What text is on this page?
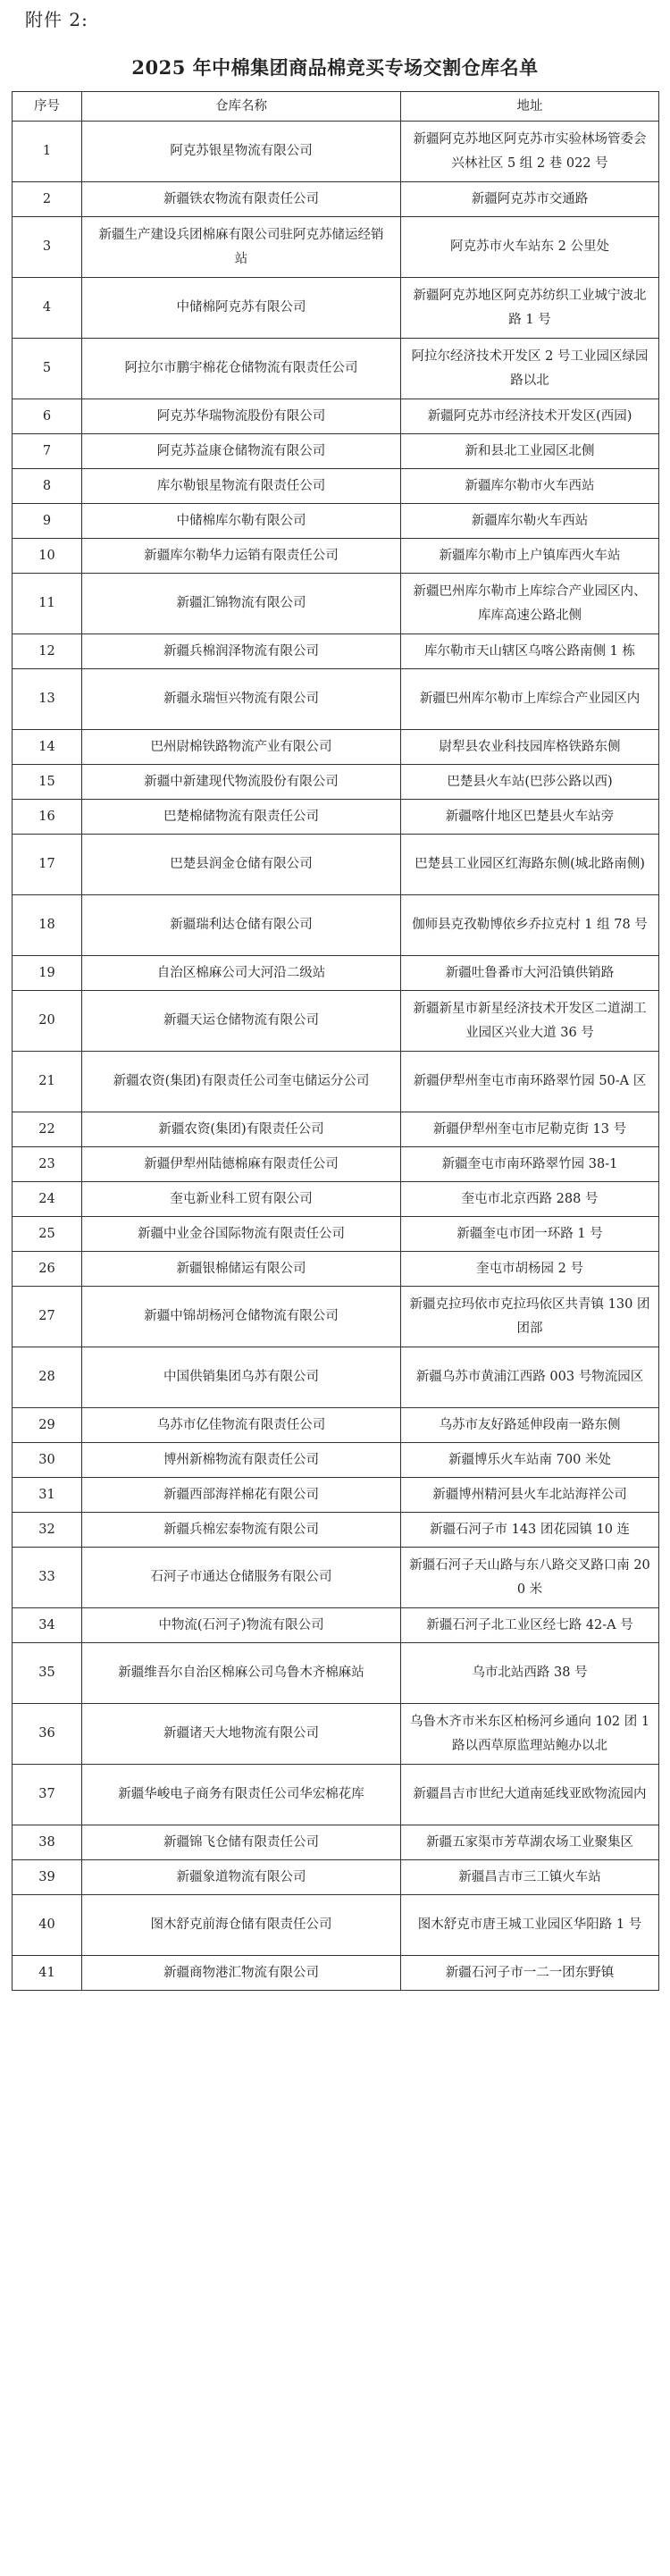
附件 2:
2025 年中棉集团商品棉竞买专场交割仓库名单
序号	仓库名称	地址
1	阿克苏银星物流有限公司	新疆阿克苏地区阿克苏市实验林场管委会兴林社区 5 组 2 巷 022 号
2	新疆铁农物流有限责任公司	新疆阿克苏市交通路
3	新疆生产建设兵团棉麻有限公司驻阿克苏储运经销站	阿克苏市火车站东 2 公里处
4	中储棉阿克苏有限公司	新疆阿克苏地区阿克苏纺织工业城宁波北路 1 号
5	阿拉尔市鹏宇棉花仓储物流有限责任公司	阿拉尔经济技术开发区 2 号工业园区绿园路以北
6	阿克苏华瑞物流股份有限公司	新疆阿克苏市经济技术开发区(西园)
7	阿克苏益康仓储物流有限公司	新和县北工业园区北侧
8	库尔勒银星物流有限责任公司	新疆库尔勒市火车西站
9	中储棉库尔勒有限公司	新疆库尔勒火车西站
10	新疆库尔勒华力运销有限责任公司	新疆库尔勒市上户镇库西火车站
11	新疆汇锦物流有限公司	新疆巴州库尔勒市上库综合产业园区内、库库高速公路北侧
12	新疆兵棉润泽物流有限公司	库尔勒市天山辖区乌喀公路南侧 1 栋
13	新疆永瑞恒兴物流有限公司	新疆巴州库尔勒市上库综合产业园区内
14	巴州尉棉铁路物流产业有限公司	尉犁县农业科技园库格铁路东侧
15	新疆中新建现代物流股份有限公司	巴楚县火车站(巴莎公路以西)
16	巴楚棉储物流有限责任公司	新疆喀什地区巴楚县火车站旁
17	巴楚县润金仓储有限公司	巴楚县工业园区红海路东侧(城北路南侧)
18	新疆瑞利达仓储有限公司	伽师县克孜勒博依乡乔拉克村 1 组 78 号
19	自治区棉麻公司大河沿二级站	新疆吐鲁番市大河沿镇供销路
20	新疆天运仓储物流有限公司	新疆新星市新星经济技术开发区二道湖工业园区兴业大道 36 号
21	新疆农资(集团)有限责任公司奎屯储运分公司	新疆伊犁州奎屯市南环路翠竹园 50-A 区
22	新疆农资(集团)有限责任公司	新疆伊犁州奎屯市尼勒克街 13 号
23	新疆伊犁州陆德棉麻有限责任公司	新疆奎屯市南环路翠竹园 38-1
24	奎屯新业科工贸有限公司	奎屯市北京西路 288 号
25	新疆中业金谷国际物流有限责任公司	新疆奎屯市团一环路 1 号
26	新疆银棉储运有限公司	奎屯市胡杨园 2 号
27	新疆中锦胡杨河仓储物流有限公司	新疆克拉玛依市克拉玛依区共青镇 130 团团部
28	中国供销集团乌苏有限公司	新疆乌苏市黄浦江西路 003 号物流园区
29	乌苏市亿佳物流有限责任公司	乌苏市友好路延伸段南一路东侧
30	博州新棉物流有限责任公司	新疆博乐火车站南 700 米处
31	新疆西部海祥棉花有限公司	新疆博州精河县火车北站海祥公司
32	新疆兵棉宏泰物流有限公司	新疆石河子市 143 团花园镇 10 连
33	石河子市通达仓储服务有限公司	新疆石河子天山路与东八路交叉路口南 200 米
34	中物流(石河子)物流有限公司	新疆石河子北工业区经七路 42-A 号
35	新疆维吾尔自治区棉麻公司乌鲁木齐棉麻站	乌市北站西路 38 号
36	新疆诸天大地物流有限公司	乌鲁木齐市米东区柏杨河乡通向 102 团 1 路以西草原监理站鲍办以北
37	新疆华峻电子商务有限责任公司华宏棉花库	新疆昌吉市世纪大道南延线亚欧物流园内
38	新疆锦飞仓储有限责任公司	新疆五家渠市芳草湖农场工业聚集区
39	新疆象道物流有限公司	新疆昌吉市三工镇火车站
40	图木舒克前海仓储有限责任公司	图木舒克市唐王城工业园区华阳路 1 号
41	新疆商物港汇物流有限公司	新疆石河子市一二一团东野镇
